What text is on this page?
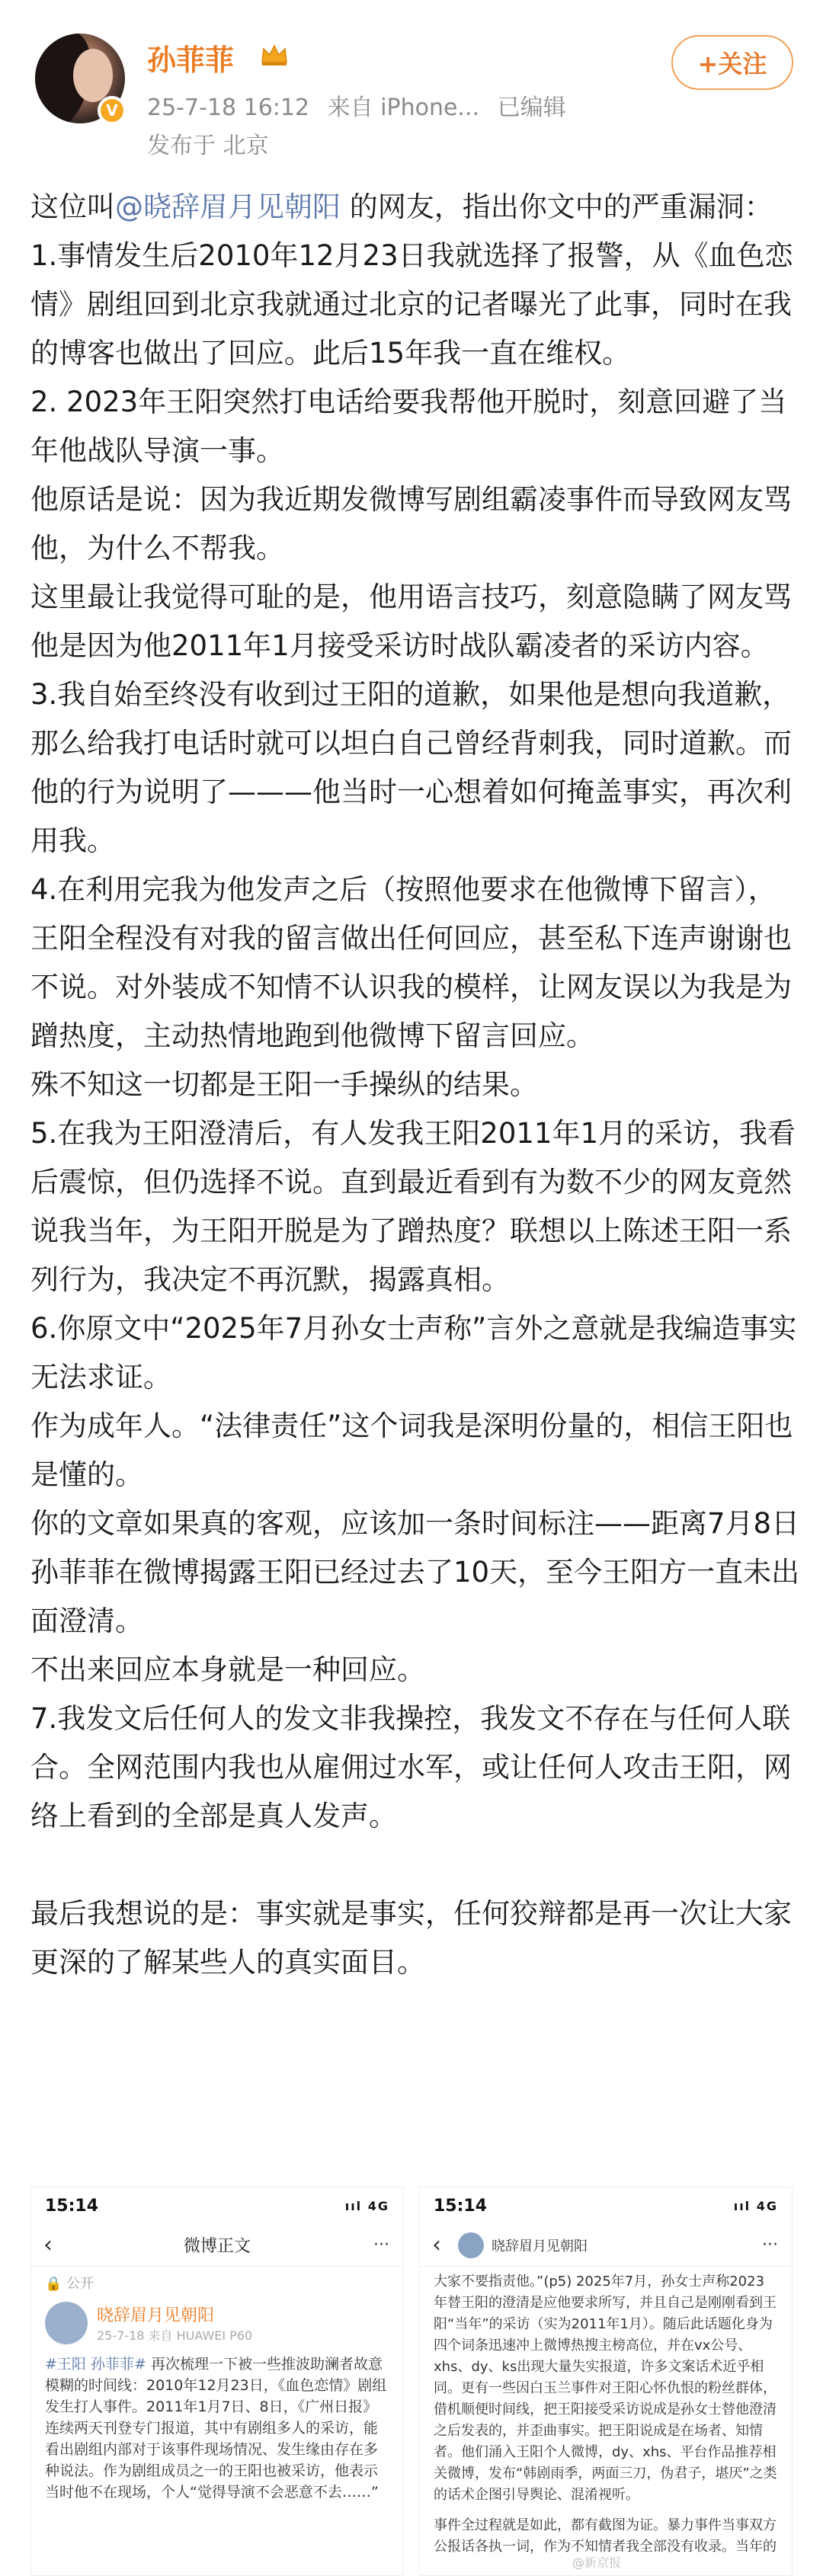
V
孙菲菲
25-7-18 16:12 来自 iPhone... 已编辑
发布于 北京
+关注

这位叫@晓辞眉月见朝阳 的网友，指出你文中的严重漏洞：

1.事情发生后2010年12月23日我就选择了报警，从《血色恋情》剧组回到北京我就通过北京的记者曝光了此事，同时在我的博客也做出了回应。此后15年我一直在维权。

2. 2023年王阳突然打电话给要我帮他开脱时，刻意回避了当年他战队导演一事。

他原话是说：因为我近期发微博写剧组霸凌事件而导致网友骂他，为什么不帮我。

这里最让我觉得可耻的是，他用语言技巧，刻意隐瞒了网友骂他是因为他2011年1月接受采访时战队霸凌者的采访内容。

3.我自始至终没有收到过王阳的道歉，如果他是想向我道歉，那么给我打电话时就可以坦白自己曾经背刺我，同时道歉。而他的行为说明了———他当时一心想着如何掩盖事实，再次利用我。

4.在利用完我为他发声之后（按照他要求在他微博下留言），王阳全程没有对我的留言做出任何回应，甚至私下连声谢谢也不说。对外装成不知情不认识我的模样，让网友误以为我是为蹭热度，主动热情地跑到他微博下留言回应。

殊不知这一切都是王阳一手操纵的结果。

5.在我为王阳澄清后，有人发我王阳2011年1月的采访，我看后震惊，但仍选择不说。直到最近看到有为数不少的网友竟然说我当年，为王阳开脱是为了蹭热度？联想以上陈述王阳一系列行为，我决定不再沉默，揭露真相。

6.你原文中“2025年7月孙女士声称”言外之意就是我编造事实无法求证。

作为成年人。“法律责任”这个词我是深明份量的，相信王阳也是懂的。

你的文章如果真的客观，应该加一条时间标注——距离7月8日孙菲菲在微博揭露王阳已经过去了10天，至今王阳方一直未出面澄清。

不出来回应本身就是一种回应。

7.我发文后任何人的发文非我操控，我发文不存在与任何人联合。全网范围内我也从雇佣过水军，或让任何人攻击王阳，网络上看到的全部是真人发声。

最后我想说的是：事实就是事实，任何狡辩都是再一次让大家更深的了解某些人的真实面目。

15:14	ııl 4G
‹	微博正文	···
🔒 公开
晓辞眉月见朝阳
25-7-18 来自 HUAWEI P60
#王阳 孙菲菲# 再次梳理一下被一些推波助澜者故意模糊的时间线：2010年12月23日，《血色恋情》剧组发生打人事件。2011年1月7日、8日，《广州日报》连续两天刊登专门报道，其中有剧组多人的采访，能看出剧组内部对于该事件现场情况、发生缘由存在多种说法。作为剧组成员之一的王阳也被采访，他表示当时他不在现场，个人“觉得导演不会恶意不去……”
15:14	ııl 4G
‹	晓辞眉月见朝阳	···
大家不要指责他。”(p5) 2025年7月，孙女士声称2023年替王阳的澄清是应他要求所写，并且自己是刚刚看到王阳“当年”的采访（实为2011年1月）。随后此话题化身为四个词条迅速冲上微博热搜主榜高位，并在vx公号、xhs、dy、ks出现大量失实报道，许多文案话术近乎相同。更有一些因白玉兰事件对王阳心怀仇恨的粉丝群体，借机顺便时间线，把王阳接受采访说成是孙女士替他澄清之后发表的，并歪曲事实。把王阳说成是在场者、知情者。他们涌入王阳个人微博，dy、xhs、平台作品推荐相关微博，发布“韩剧雨季，两面三刀，伪君子，堪厌”之类的话术企图引导舆论、混淆视听。
事件全过程就是如此，都有截图为证。暴力事件当事双方公报话各执一词，作为不知情者我全部没有收录。当年的
@新京报
